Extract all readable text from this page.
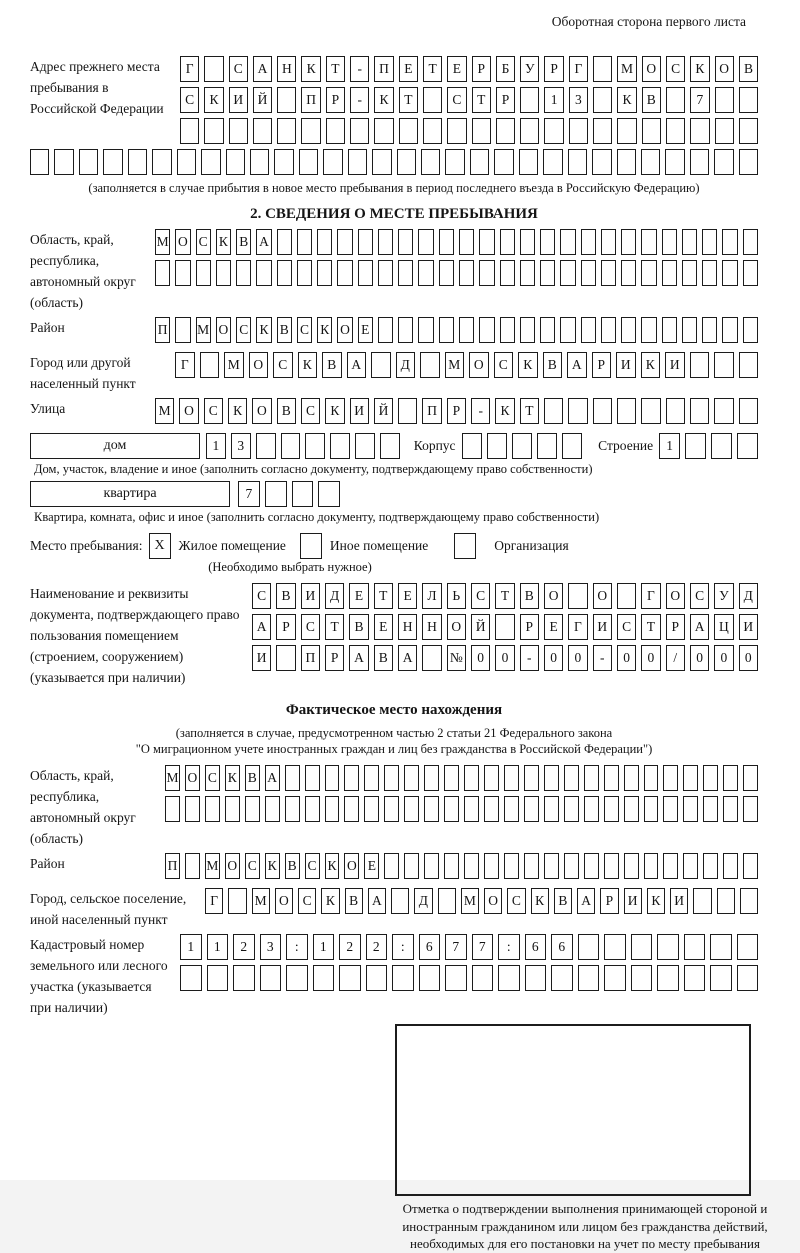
Оборотная сторона первого листа
Адрес прежнего места пребывания в Российской Федерации
Г	С	А	Н	К	Т	-	П	Е	Т	Е	Р	Б	У	Р	Г	М О	С	К	О	В
С	К	И	Й	П	Р	-	К	Т	С	Т	Р	1	3	К	В	7
(заполняется в случае прибытия в новое место пребывания в период последнего въезда в Российскую Федерацию)
2. СВЕДЕНИЯ О МЕСТЕ ПРЕБЫВАНИЯ
Область, край, республика, автономный округ (область)
М О С К В А
Район	П М О С К В С К О Е
Город или другой населенный пункт
Г	М	О	С	К	В	А	Д	М	О	С	К	В	А	Р	И	К	И
Улица	М О	С	К	О	В	С	К	И	Й	П	Р	-	К	Т
дом	1	3	Корпус	Строение 1
Дом, участок, владение и иное (заполнить согласно документу, подтверждающему право собственности)
квартира	7
Квартира, комната, офис и иное (заполнить согласно документу, подтверждающему право собственности)
Место пребывания: X	Жилое помещение	Иное помещение	Организация
(Необходимо выбрать нужное)
Наименование и реквизиты документа, подтверждающего право пользования помещением (строением, сооружением) (указывается при наличии)
С	В	И	Д	Е	Т	Е	Л	Ь	С	Т	В	О	О	Г	О	С	У	Д
А	Р	С	Т	В	Е	Н	Н	О	Й	Р	Е	Г	И	С	Т	Р	А	Ц	И
И	П	Р	А	В	А	№	0	0	-	0	0	-	0	0	/	0	0	0
Фактическое место нахождения
(заполняется в случае, предусмотренном частью 2 статьи 21 Федерального закона
"О миграционном учете иностранных граждан и лиц без гражданства в Российской Федерации")
Область, край, республика, автономный округ (область)
М О С К В А
Район	П М О С К В С К О Е
Город, сельское поселение, иной населенный пункт
Г	М О	С	К	В	А	Д	М О	С	К	В	А	Р	И	К	И
Кадастровый номер земельного или лесного участка (указывается при наличии)
1	1	2	3	:	1	2	2	:	6	7	7	:	6	6
Отметка о подтверждении выполнения принимающей стороной и иностранным гражданином или лицом без гражданства действий, необходимых для его постановки на учет по месту пребывания
